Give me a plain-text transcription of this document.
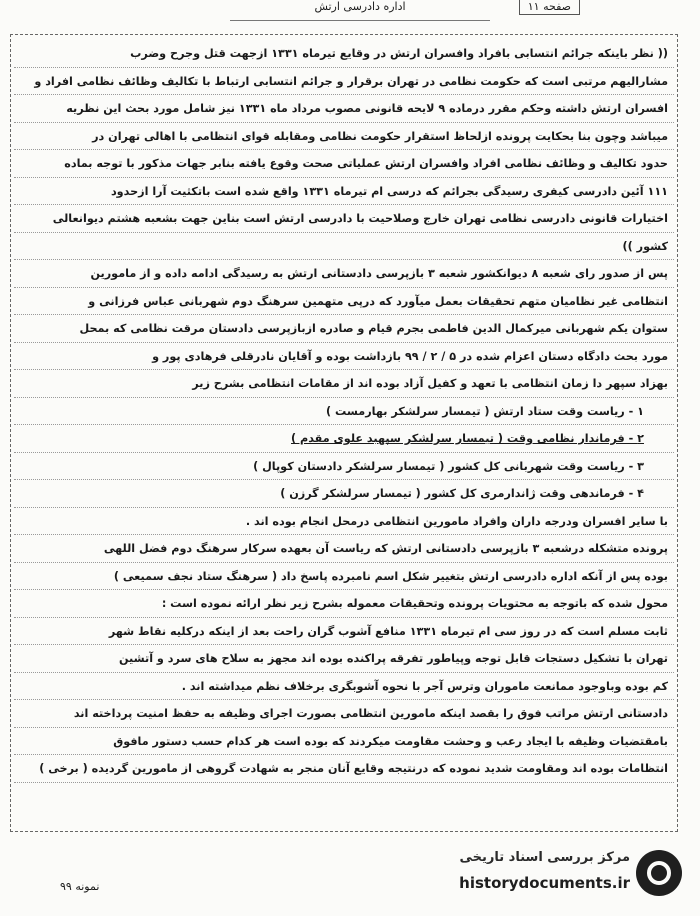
اداره دادرسی ارتش	صفحه ۱۱
(( نظر باینکه جرائم انتسابی بافراد وافسران ارتش در وقایع تیرماه ۱۳۳۱ ازجهت قتل وجرح وضرب
مشارالیهم مرتبی است که حکومت نظامی در تهران برقرار و جرائم انتسابی ارتباط با تکالیف وظائف نظامی افراد و
افسران ارتش داشته وحکم مقرر درماده ۹ لایحه قانونی مصوب مرداد ماه ۱۳۳۱ نیز شامل مورد بحث این نظریه
میباشد وچون بنا بحکایت پرونده ازلحاظ استقرار حکومت نظامی ومقابله قوای انتظامی با اهالی تهران در
حدود تکالیف و وظائف نظامی افراد وافسران ارتش عملیاتی صحت وقوع یافته بنابر جهات مذکور با توجه بماده
۱۱۱ آئین دادرسی کیفری رسیدگی بجرائم که درسی ام تیرماه ۱۳۳۱ واقع شده است باتکثیت آرا ازحدود
اختیارات قانونی دادرسی نظامی تهران خارج وصلاحیت با دادرسی ارتش است بناین جهت بشعبه هشتم دیوانعالی
کشور ))
پس از صدور رای شعبه ۸ دیوانکشور شعبه ۳ بازپرسی دادستانی ارتش به رسیدگی ادامه داده و از مامورین
انتظامی غیر نظامیان متهم تحقیقات بعمل میآورد که درپی متهمین سرهنگ دوم شهربانی عباس فرزانی و
ستوان یکم شهربانی میرکمال الدین فاطمی بجرم قیام و صادره ازبازپرسی دادستان مرقت نظامی که بمحل
مورد بحث دادگاه دستان اعزام شده در ۵ / ۲ / ۹۹ بازداشت بوده و آقایان نادرقلی فرهادی پور و
بهزاد سپهر دا زمان انتظامی با تعهد و کفیل آزاد بوده اند از مقامات انتظامی بشرح زیر
۱ - ریاست وقت ستاد ارتش ( تیمسار سرلشکر بهارمست )
۲ - فرماندار نظامی وقت ( تیمسار سرلشکر سپهبد علوی مقدم )
۳ - ریاست وقت شهربانی کل کشور ( تیمسار سرلشکر دادستان کوپال )
۴ - فرماندهی وقت ژاندارمری کل کشور ( تیمسار سرلشکر گرزن )
با سایر افسران ودرجه داران وافراد مامورین انتظامی درمحل انجام بوده اند .
پرونده متشکله درشعبه ۳ بازپرسی دادستانی ارتش که ریاست آن بعهده سرکار سرهنگ دوم فضل اللهی
بوده پس از آنکه اداره دادرسی ارتش بتغییر شکل اسم نامبرده پاسخ داد ( سرهنگ ستاد نجف سمیعی )
محول شده که باتوجه به محتویات پرونده وتحقیقات معموله بشرح زیر نظر ارائه نموده است :
ثابت مسلم است که در روز سی ام تیرماه ۱۳۳۱ منافع آشوب گران راحت بعد از اینکه درکلیه نقاط شهر
تهران با تشکیل دستجات قابل توجه وپیاطور تفرقه پراکنده بوده اند مجهز به سلاح های سرد و آتشین
کم بوده وباوجود ممانعت ماموران وترس آجر با نحوه آشوبگری برخلاف نظم میداشته اند .
دادستانی ارتش مراتب فوق را بقصد اینکه مامورین انتظامی بصورت اجرای وظیفه به حفظ امنیت پرداخته اند
بامقتضیات وظیفه با ایجاد رعب و وحشت مقاومت میکردند که بوده است هر کدام حسب دستور مافوق
انتظامات بوده اند ومقاومت شدید نموده که درنتیجه وقایع آنان منجر به شهادت گروهی از مامورین گردیده ( برخی )
نمونه ۹۹
مرکز بررسی اسناد تاریخی
historydocuments.ir
